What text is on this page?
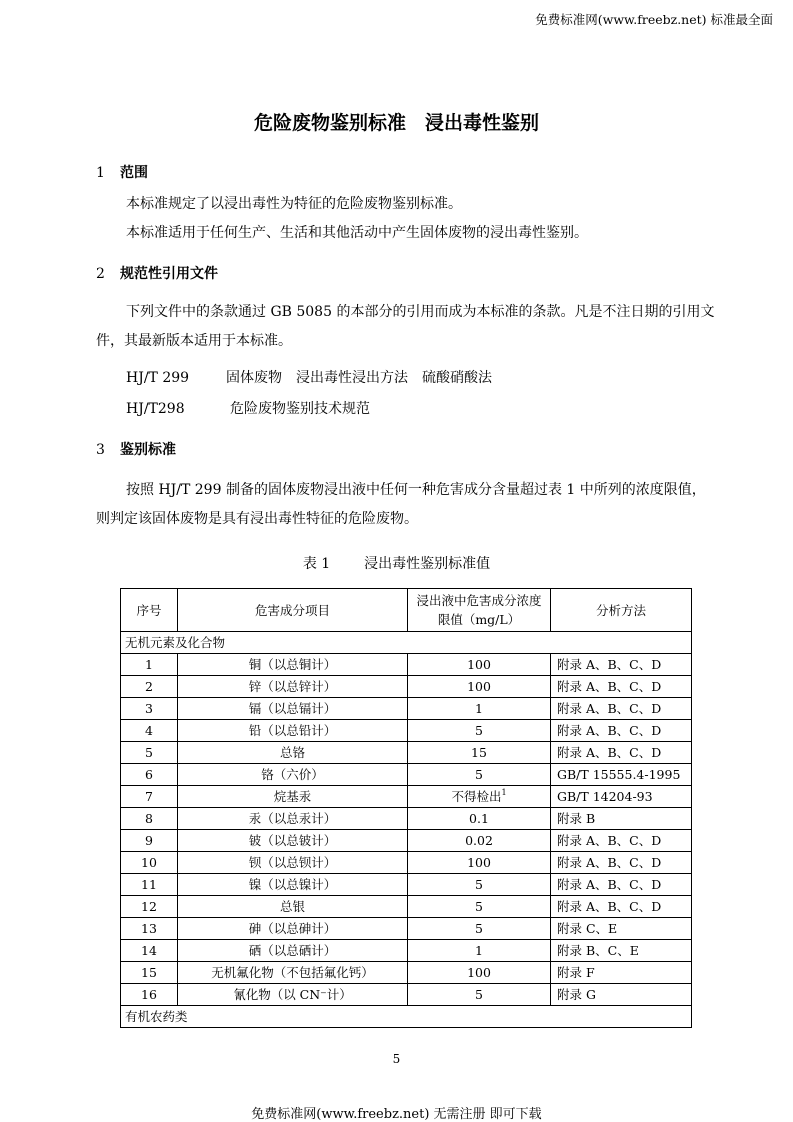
免费标准网(www.freebz.net) 标准最全面
危险废物鉴别标准　浸出毒性鉴别
1 范围
本标准规定了以浸出毒性为特征的危险废物鉴别标准。
本标准适用于任何生产、生活和其他活动中产生固体废物的浸出毒性鉴别。
2 规范性引用文件
下列文件中的条款通过 GB 5085 的本部分的引用而成为本标准的条款。凡是不注日期的引用文件，其最新版本适用于本标准。
HJ/T 299	固体废物　浸出毒性浸出方法　硫酸硝酸法
HJ/T298	危险废物鉴别技术规范
3 鉴别标准
按照 HJ/T 299 制备的固体废物浸出液中任何一种危害成分含量超过表 1 中所列的浓度限值，则判定该固体废物是具有浸出毒性特征的危险废物。
表 1 浸出毒性鉴别标准值
序号	危害成分项目	浸出液中危害成分浓度限值（mg/L）	分析方法
无机元素及化合物			
1	铜（以总铜计）	100	附录 A、B、C、D
2	锌（以总锌计）	100	附录 A、B、C、D
3	镉（以总镉计）	1	附录 A、B、C、D
4	铅（以总铅计）	5	附录 A、B、C、D
5	总铬	15	附录 A、B、C、D
6	铬（六价）	5	GB/T 15555.4-1995
7	烷基汞	不得检出$^1$	GB/T 14204-93
8	汞（以总汞计）	0.1	附录 B
9	铍（以总铍计）	0.02	附录 A、B、C、D
10	钡（以总钡计）	100	附录 A、B、C、D
11	镍（以总镍计）	5	附录 A、B、C、D
12	总银	5	附录 A、B、C、D
13	砷（以总砷计）	5	附录 C、E
14	硒（以总硒计）	1	附录 B、C、E
15	无机氟化物（不包括氟化钙）	100	附录 F
16	氰化物（以 CN⁻计）	5	附录 G
有机农药类			
5
免费标准网(www.freebz.net) 无需注册 即可下载
